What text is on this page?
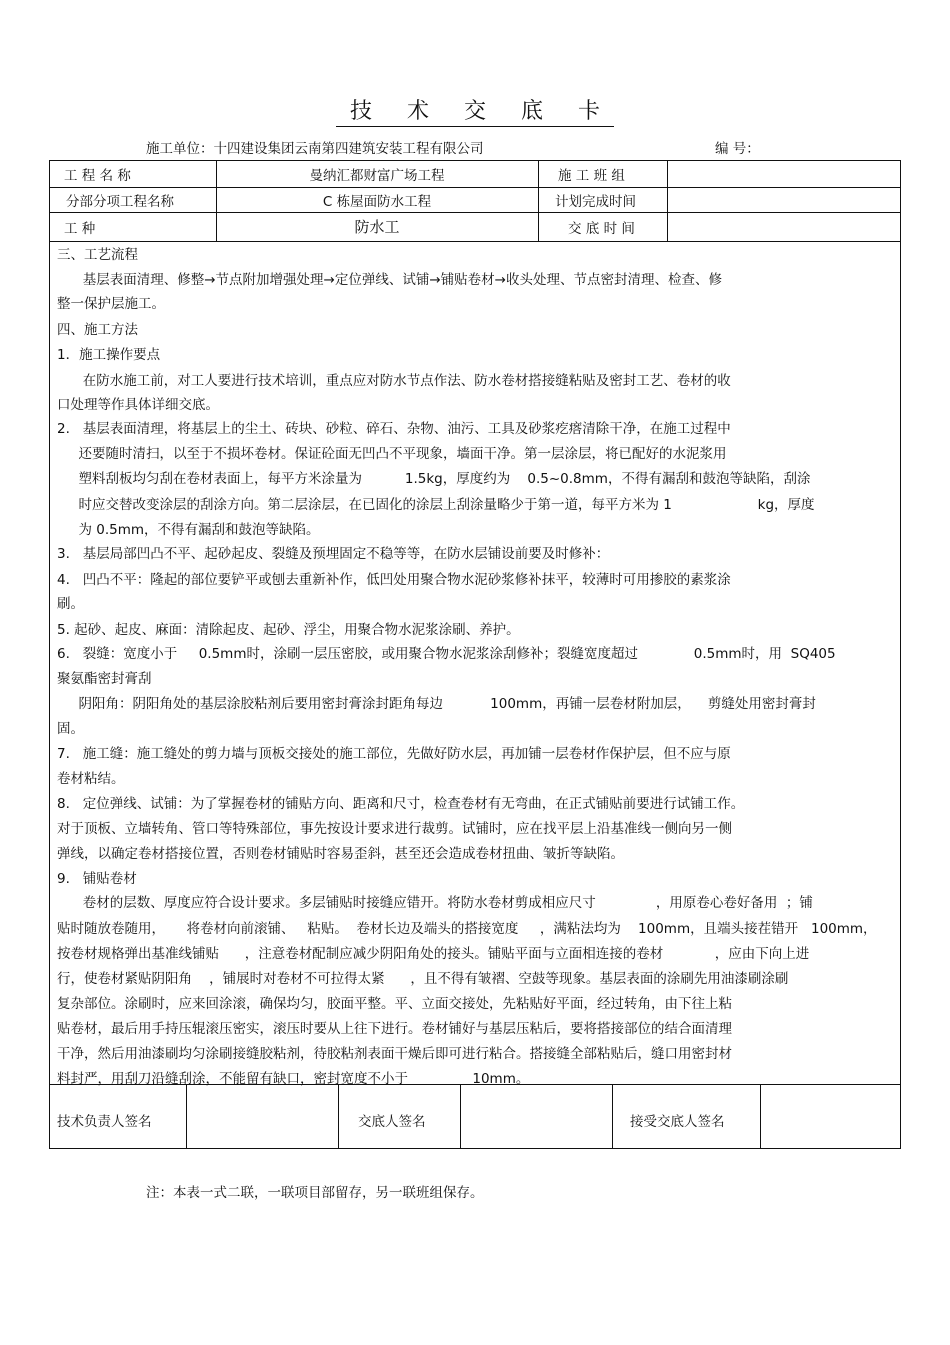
技 术 交 底 卡
施工单位：十四建设集团云南第四建筑安装工程有限公司	编 号：
工 程 名 称	曼纳汇都财富广场工程	施 工 班 组
分部分项工程名称	C 栋屋面防水工程	计划完成时间
工 种	防水工	交 底 时 间
三、工艺流程
基层表面清理、修整→节点附加增强处理→定位弹线、试铺→铺贴卷材→收头处理、节点密封清理、检查、修
整一保护层施工。
四、施工方法
1．施工操作要点
在防水施工前，对工人要进行技术培训，重点应对防水节点作法、防水卷材搭接缝粘贴及密封工艺、卷材的收
口处理等作具体详细交底。
2.   基层表面清理，将基层上的尘土、砖块、砂粒、碎石、杂物、油污、工具及砂浆疙瘩清除干净，在施工过程中
还要随时清扫，以至于不损坏卷材。保证砼面无凹凸不平现象，墙面干净。第一层涂层，将已配好的水泥浆用
塑料刮板均匀刮在卷材表面上，每平方米涂量为          1.5kg，厚度约为    0.5~0.8mm，不得有漏刮和鼓泡等缺陷，刮涂
时应交替改变涂层的刮涂方向。第二层涂层，在已固化的涂层上刮涂量略少于第一道，每平方米为 1                    kg，厚度
为 0.5mm，不得有漏刮和鼓泡等缺陷。
3.   基层局部凹凸不平、起砂起皮、裂缝及预埋固定不稳等等，在防水层铺设前要及时修补：
4.   凹凸不平：隆起的部位要铲平或刨去重新补作，低凹处用聚合物水泥砂浆修补抹平，较薄时可用掺胶的素浆涂
刷。
5. 起砂、起皮、麻面：清除起皮、起砂、浮尘，用聚合物水泥浆涂刷、养护。
6.   裂缝：宽度小于     0.5mm时，涂刷一层压密胶，或用聚合物水泥浆涂刮修补；裂缝宽度超过             0.5mm时，用  SQ405
聚氨酯密封膏刮
阴阳角：阴阳角处的基层涂胶粘剂后要用密封膏涂封距角每边           100mm，再铺一层卷材附加层，    剪缝处用密封膏封
固。
7.   施工缝：施工缝处的剪力墙与顶板交接处的施工部位，先做好防水层，再加铺一层卷材作保护层，但不应与原
卷材粘结。
8.   定位弹线、试铺：为了掌握卷材的铺贴方向、距离和尺寸，检查卷材有无弯曲，在正式铺贴前要进行试铺工作。
对于顶板、立墙转角、管口等特殊部位，事先按设计要求进行裁剪。试铺时，应在找平层上沿基准线一侧向另一侧
弹线，以确定卷材搭接位置，否则卷材铺贴时容易歪斜，甚至还会造成卷材扭曲、皱折等缺陷。
9.   铺贴卷材
卷材的层数、厚度应符合设计要求。多层铺贴时接缝应错开。将防水卷材剪成相应尺寸              ，用原卷心卷好备用  ；铺
贴时随放卷随用，     将卷材向前滚铺、   粘贴。  卷材长边及端头的搭接宽度     ，满粘法均为    100mm，且端头接茬错开   100mm，
按卷材规格弹出基准线铺贴      ，注意卷材配制应减少阴阳角处的接头。铺贴平面与立面相连接的卷材            ，应由下向上进
行，使卷材紧贴阴阳角    ，铺展时对卷材不可拉得太紧      ，且不得有皱褶、空鼓等现象。基层表面的涂刷先用油漆刷涂刷
复杂部位。涂刷时，应来回涂滚，确保均匀，胶面平整。平、立面交接处，先粘贴好平面，经过转角，由下往上粘
贴卷材，最后用手持压辊滚压密实，滚压时要从上往下进行。卷材铺好与基层压粘后，要将搭接部位的结合面清理
干净，然后用油漆刷均匀涂刷接缝胶粘剂，待胶粘剂表面干燥后即可进行粘合。搭接缝全部粘贴后，缝口用密封材
料封严，用刮刀沿缝刮涂，不能留有缺口，密封宽度不小于               10mm。
技术负责人签名	交底人签名	接受交底人签名
注：本表一式二联，一联项目部留存，另一联班组保存。
